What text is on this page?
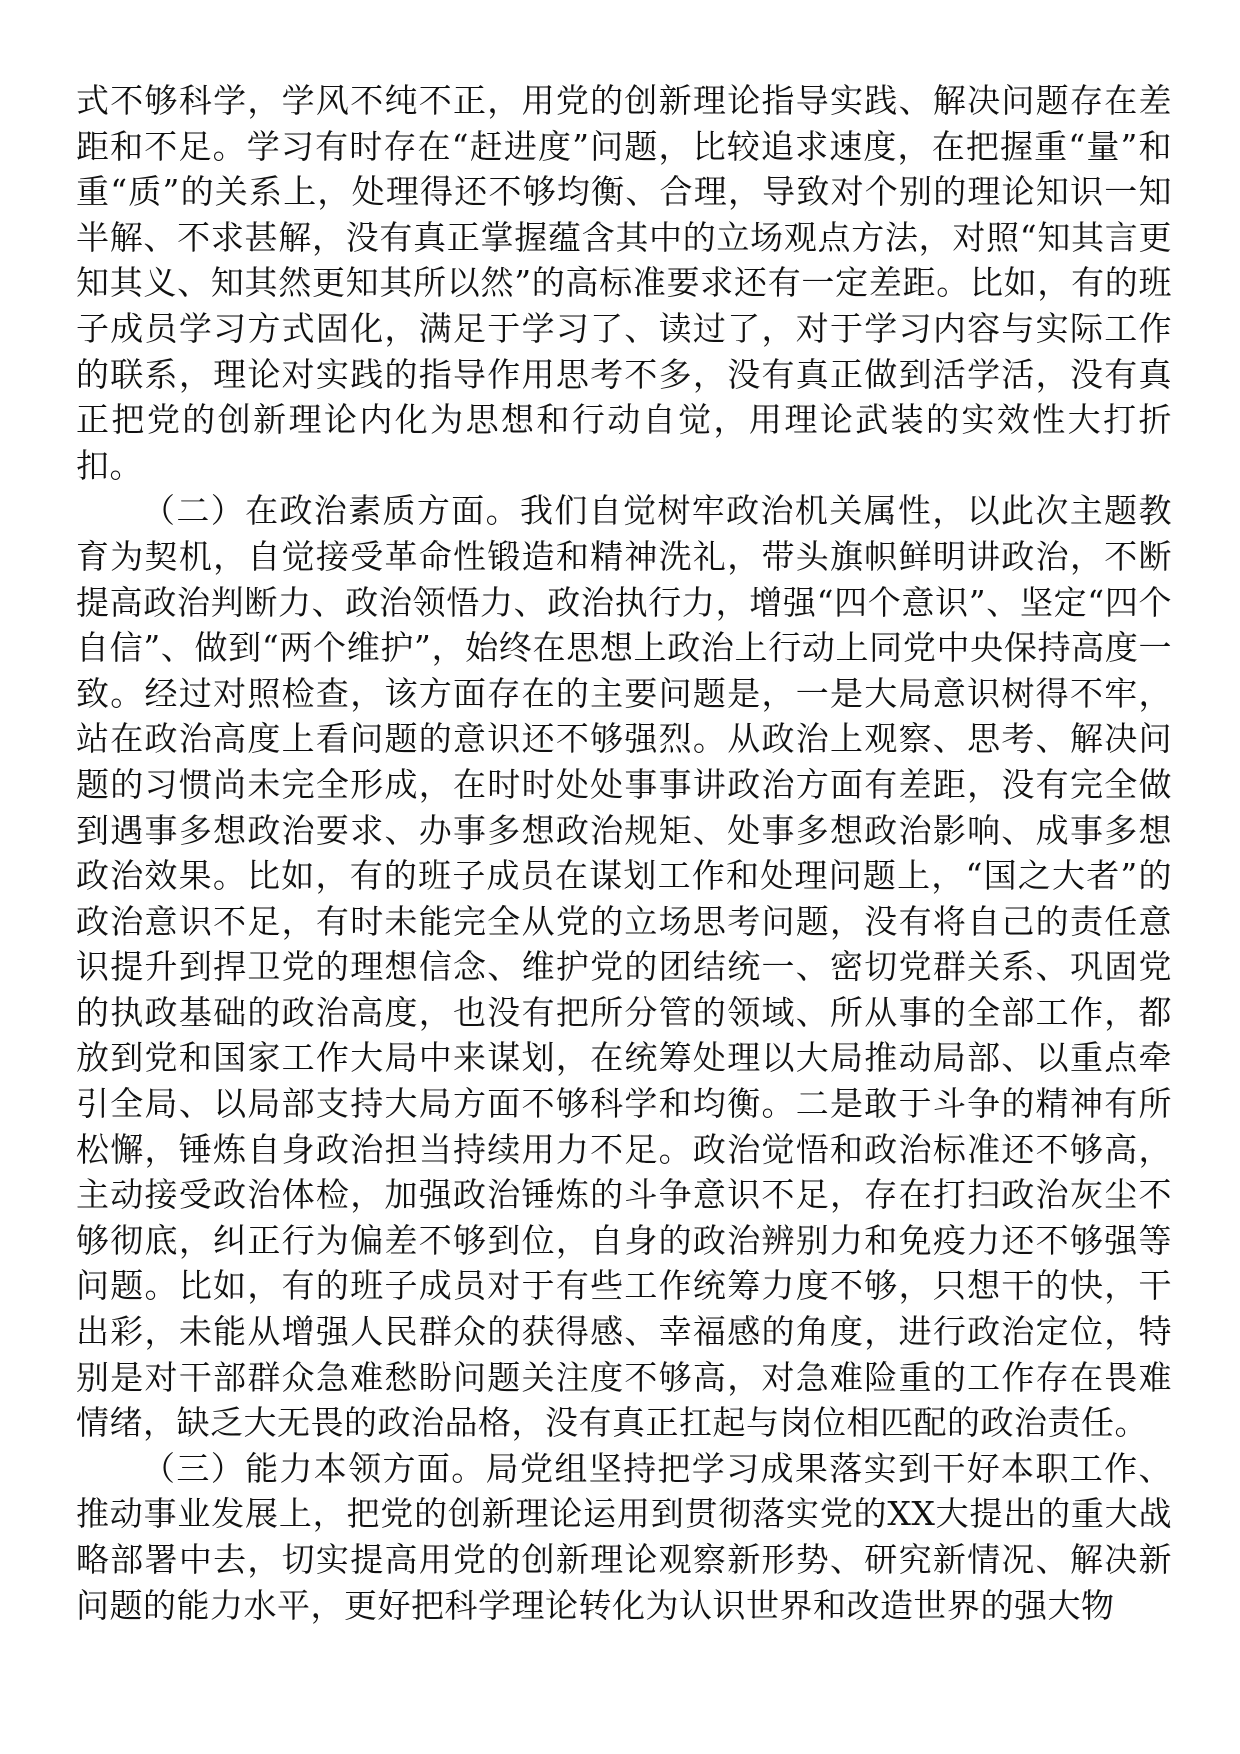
式不够科学，学风不纯不正，用党的创新理论指导实践、解决问题存在差距和不足。学习有时存在“赶进度”问题，比较追求速度，在把握重“量”和重“质”的关系上，处理得还不够均衡、合理，导致对个别的理论知识一知半解、不求甚解，没有真正掌握蕴含其中的立场观点方法，对照“知其言更知其义、知其然更知其所以然”的高标准要求还有一定差距。比如，有的班子成员学习方式固化，满足于学习了、读过了，对于学习内容与实际工作的联系，理论对实践的指导作用思考不多，没有真正做到活学活，没有真正把党的创新理论内化为思想和行动自觉，用理论武装的实效性大打折扣。

（二）在政治素质方面。我们自觉树牢政治机关属性，以此次主题教育为契机，自觉接受革命性锻造和精神洗礼，带头旗帜鲜明讲政治，不断提高政治判断力、政治领悟力、政治执行力，增强“四个意识”、坚定“四个自信”、做到“两个维护”，始终在思想上政治上行动上同党中央保持高度一致。经过对照检查，该方面存在的主要问题是，一是大局意识树得不牢，站在政治高度上看问题的意识还不够强烈。从政治上观察、思考、解决问题的习惯尚未完全形成，在时时处处事事讲政治方面有差距，没有完全做到遇事多想政治要求、办事多想政治规矩、处事多想政治影响、成事多想政治效果。比如，有的班子成员在谋划工作和处理问题上，“国之大者”的政治意识不足，有时未能完全从党的立场思考问题，没有将自己的责任意识提升到捍卫党的理想信念、维护党的团结统一、密切党群关系、巩固党的执政基础的政治高度，也没有把所分管的领域、所从事的全部工作，都放到党和国家工作大局中来谋划，在统筹处理以大局推动局部、以重点牵引全局、以局部支持大局方面不够科学和均衡。二是敢于斗争的精神有所松懈，锤炼自身政治担当持续用力不足。政治觉悟和政治标准还不够高，主动接受政治体检，加强政治锤炼的斗争意识不足，存在打扫政治灰尘不够彻底，纠正行为偏差不够到位，自身的政治辨别力和免疫力还不够强等问题。比如，有的班子成员对于有些工作统筹力度不够，只想干的快，干出彩，未能从增强人民群众的获得感、幸福感的角度，进行政治定位，特别是对干部群众急难愁盼问题关注度不够高，对急难险重的工作存在畏难情绪，缺乏大无畏的政治品格，没有真正扛起与岗位相匹配的政治责任。

（三）能力本领方面。局党组坚持把学习成果落实到干好本职工作、推动事业发展上，把党的创新理论运用到贯彻落实党的XX大提出的重大战略部署中去，切实提高用党的创新理论观察新形势、研究新情况、解决新问题的能力水平，更好把科学理论转化为认识世界和改造世界的强大物
